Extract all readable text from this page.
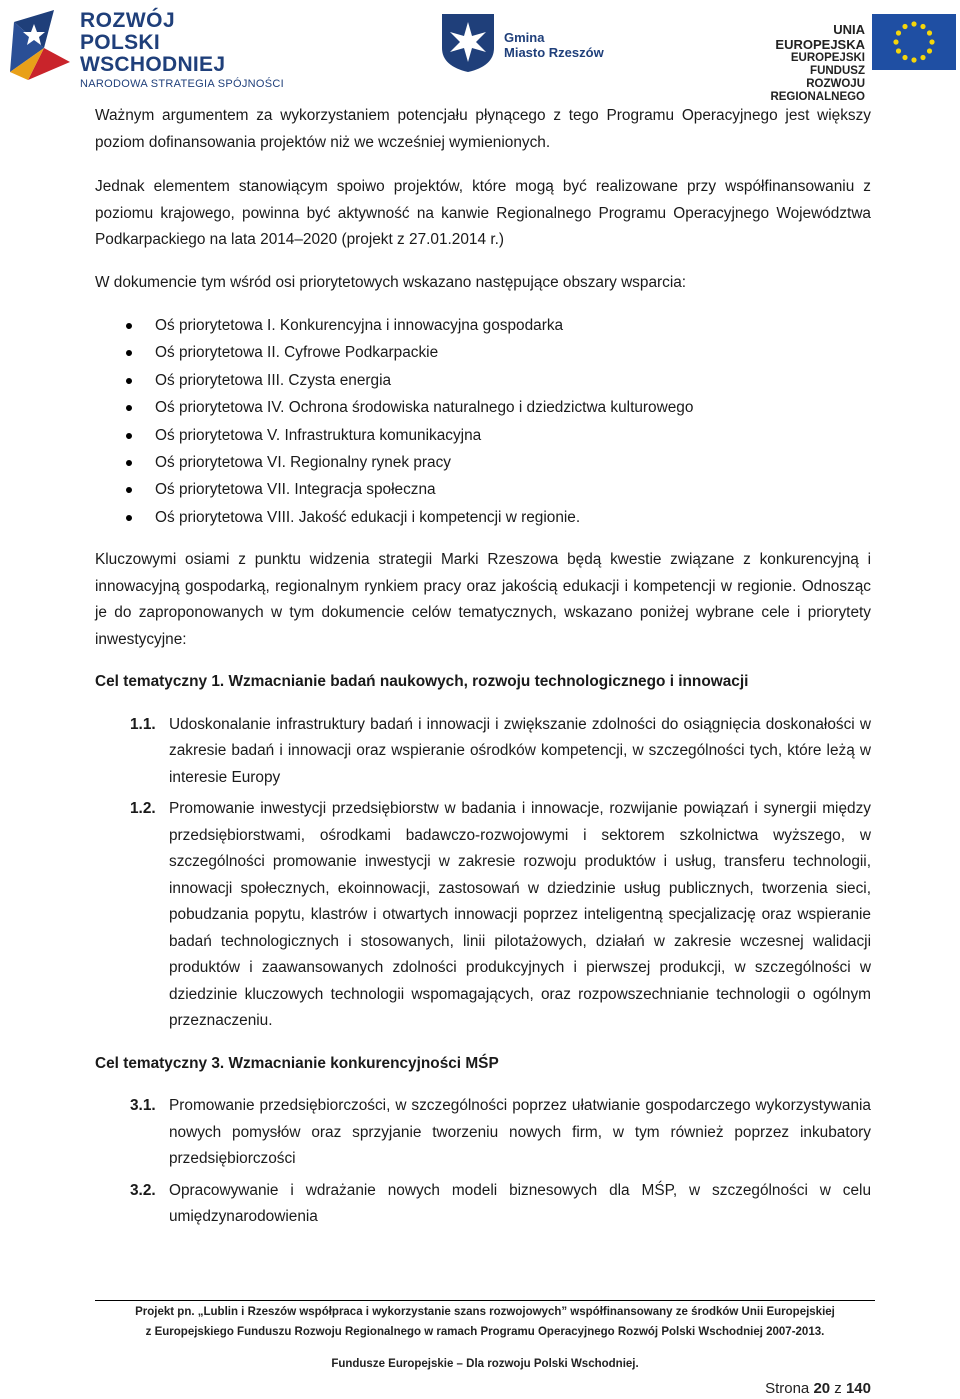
ROZWÓJ
POLSKI WSCHODNIEJ
NARODOWA STRATEGIA SPÓJNOŚCI
Gmina
Miasto Rzeszów
UNIA EUROPEJSKA
EUROPEJSKI FUNDUSZ
ROZWOJU REGIONALNEGO

Ważnym argumentem za wykorzystaniem potencjału płynącego z tego Programu Operacyjnego jest większy poziom dofinansowania projektów niż we wcześniej wymienionych.

Jednak elementem stanowiącym spoiwo projektów, które mogą być realizowane przy współfinansowaniu z poziomu krajowego, powinna być aktywność na kanwie Regionalnego Programu Operacyjnego Województwa Podkarpackiego na lata 2014–2020 (projekt z 27.01.2014 r.)

W dokumencie tym wśród osi priorytetowych wskazano następujące obszary wsparcia:

Oś priorytetowa I. Konkurencyjna i innowacyjna gospodarka
Oś priorytetowa II. Cyfrowe Podkarpackie
Oś priorytetowa III. Czysta energia
Oś priorytetowa IV. Ochrona środowiska naturalnego i dziedzictwa kulturowego
Oś priorytetowa V. Infrastruktura komunikacyjna
Oś priorytetowa VI. Regionalny rynek pracy
Oś priorytetowa VII. Integracja społeczna
Oś priorytetowa VIII. Jakość edukacji i kompetencji w regionie.

Kluczowymi osiami z punktu widzenia strategii Marki Rzeszowa będą kwestie związane z konkurencyjną i innowacyjną gospodarką, regionalnym rynkiem pracy oraz jakością edukacji i kompetencji w regionie. Odnosząc je do zaproponowanych w tym dokumencie celów tematycznych, wskazano poniżej wybrane cele i priorytety inwestycyjne:

Cel tematyczny 1. Wzmacnianie badań naukowych, rozwoju technologicznego i innowacji

1.1. Udoskonalanie infrastruktury badań i innowacji i zwiększanie zdolności do osiągnięcia doskonałości w zakresie badań i innowacji oraz wspieranie ośrodków kompetencji, w szczególności tych, które leżą w interesie Europy
1.2. Promowanie inwestycji przedsiębiorstw w badania i innowacje, rozwijanie powiązań i synergii między przedsiębiorstwami, ośrodkami badawczo-rozwojowymi i sektorem szkolnictwa wyższego, w szczególności promowanie inwestycji w zakresie rozwoju produktów i usług, transferu technologii, innowacji społecznych, ekoinnowacji, zastosowań w dziedzinie usług publicznych, tworzenia sieci, pobudzania popytu, klastrów i otwartych innowacji poprzez inteligentną specjalizację oraz wspieranie badań technologicznych i stosowanych, linii pilotażowych, działań w zakresie wczesnej walidacji produktów i zaawansowanych zdolności produkcyjnych i pierwszej produkcji, w szczególności w dziedzinie kluczowych technologii wspomagających, oraz rozpowszechnianie technologii o ogólnym przeznaczeniu.

Cel tematyczny 3. Wzmacnianie konkurencyjności MŚP

3.1. Promowanie przedsiębiorczości, w szczególności poprzez ułatwianie gospodarczego wykorzystywania nowych pomysłów oraz sprzyjanie tworzeniu nowych firm, w tym również poprzez inkubatory przedsiębiorczości
3.2. Opracowywanie i wdrażanie nowych modeli biznesowych dla MŚP, w szczególności w celu umiędzynarodowienia
Projekt pn. „Lublin i Rzeszów współpraca i wykorzystanie szans rozwojowych” współfinansowany ze środków Unii Europejskiej
z Europejskiego Funduszu Rozwoju Regionalnego w ramach Programu Operacyjnego Rozwój Polski Wschodniej 2007-2013.
Fundusze Europejskie – Dla rozwoju Polski Wschodniej.
Strona 20 z 140
